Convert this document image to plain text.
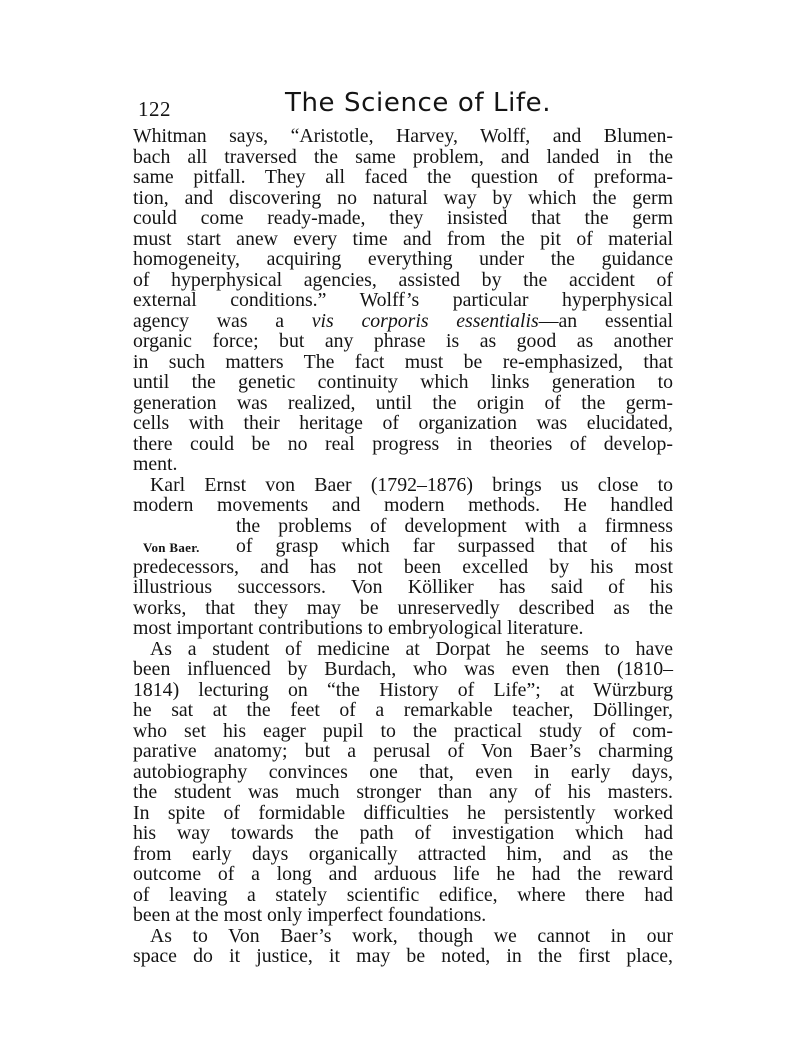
122	The Science of Life.
Von Baer.
Whitman says, “Aristotle, Harvey, Wolff, and Blumen-
bach all traversed the same problem, and landed in the
same pitfall. They all faced the question of preforma-
tion, and discovering no natural way by which the germ
could come ready-made, they insisted that the germ
must start anew every time and from the pit of material
homogeneity, acquiring everything under the guidance
of hyperphysical agencies, assisted by the accident of
external conditions.” Wolff’s particular hyperphysical
agency was a vis corporis essentialis—an essential
organic force; but any phrase is as good as another
in such matters The fact must be re-emphasized, that
until the genetic continuity which links generation to
generation was realized, until the origin of the germ-
cells with their heritage of organization was elucidated,
there could be no real progress in theories of develop-
ment.
Karl Ernst von Baer (1792–1876) brings us close to
modern movements and modern methods. He handled
the problems of development with a firmness
of grasp which far surpassed that of his
predecessors, and has not been excelled by his most
illustrious successors. Von Kölliker has said of his
works, that they may be unreservedly described as the
most important contributions to embryological literature.
As a student of medicine at Dorpat he seems to have
been influenced by Burdach, who was even then (1810–
1814) lecturing on “the History of Life”; at Würzburg
he sat at the feet of a remarkable teacher, Döllinger,
who set his eager pupil to the practical study of com-
parative anatomy; but a perusal of Von Baer’s charming
autobiography convinces one that, even in early days,
the student was much stronger than any of his masters.
In spite of formidable difficulties he persistently worked
his way towards the path of investigation which had
from early days organically attracted him, and as the
outcome of a long and arduous life he had the reward
of leaving a stately scientific edifice, where there had
been at the most only imperfect foundations.
As to Von Baer’s work, though we cannot in our
space do it justice, it may be noted, in the first place,
